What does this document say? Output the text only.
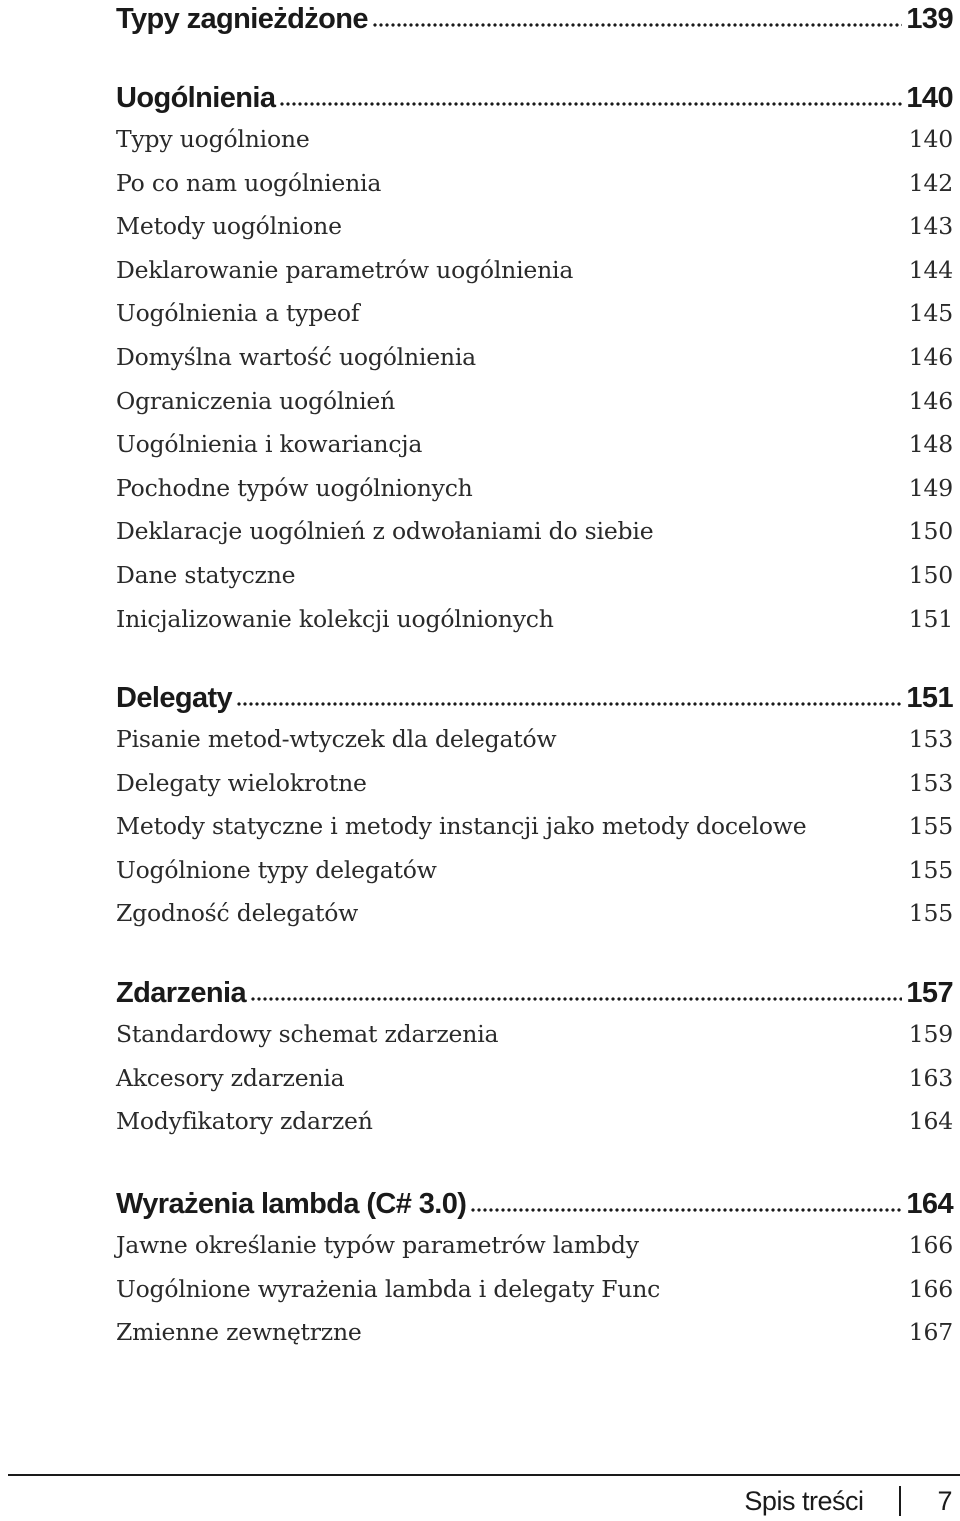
Typy zagnieżdżone	139
Uogólnienia	140
Typy uogólnione	140
Po co nam uogólnienia	142
Metody uogólnione	143
Deklarowanie parametrów uogólnienia	144
Uogólnienia a typeof	145
Domyślna wartość uogólnienia	146
Ograniczenia uogólnień	146
Uogólnienia i kowariancja	148
Pochodne typów uogólnionych	149
Deklaracje uogólnień z odwołaniami do siebie	150
Dane statyczne	150
Inicjalizowanie kolekcji uogólnionych	151
Delegaty	151
Pisanie metod-wtyczek dla delegatów	153
Delegaty wielokrotne	153
Metody statyczne i metody instancji jako metody docelowe	155
Uogólnione typy delegatów	155
Zgodność delegatów	155
Zdarzenia	157
Standardowy schemat zdarzenia	159
Akcesory zdarzenia	163
Modyfikatory zdarzeń	164
Wyrażenia lambda (C# 3.0)	164
Jawne określanie typów parametrów lambdy	166
Uogólnione wyrażenia lambda i delegaty Func	166
Zmienne zewnętrzne	167
Spis treści	7
